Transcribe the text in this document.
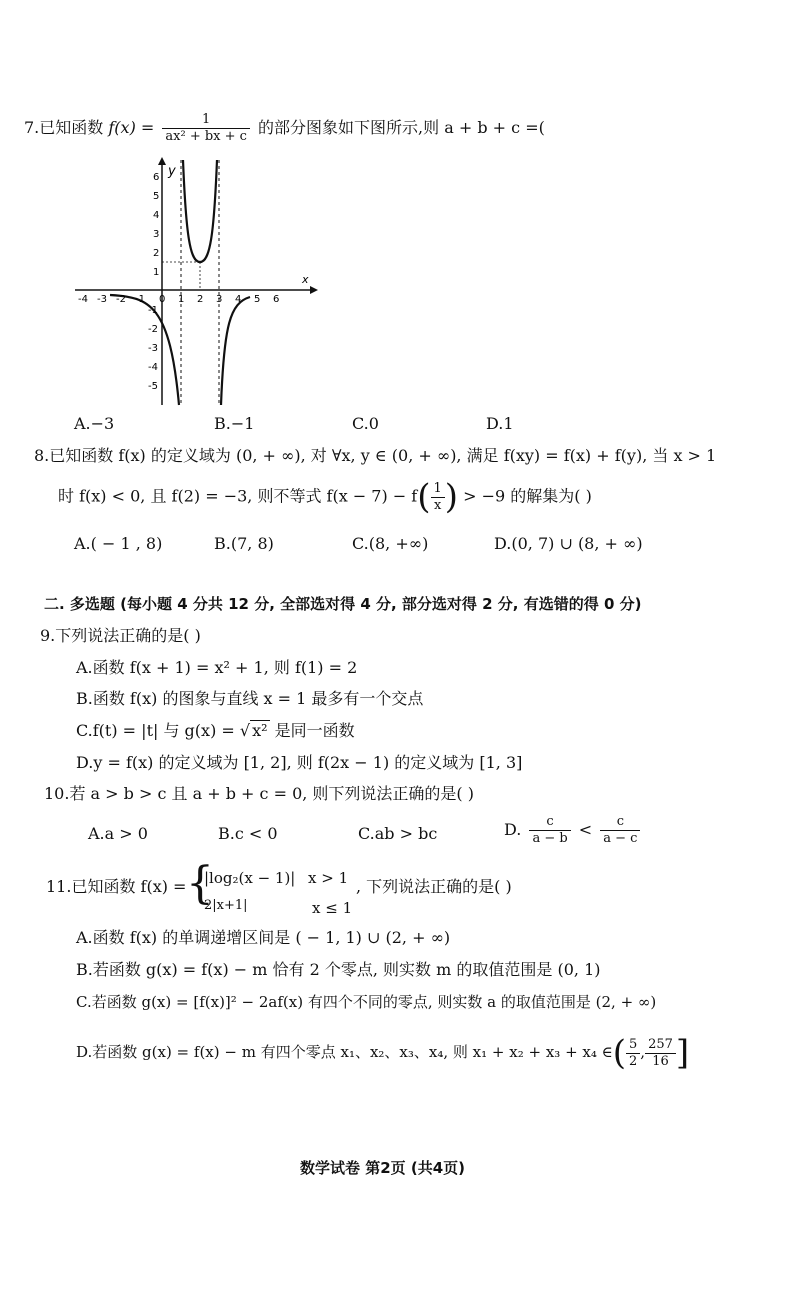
7.已知函数 $f(x) = \frac{1}{\text{ax² + bx + c}}$ 的部分图象如下图所示,则 a + b + c =(
-4 -3 -2 -1 0 1 2 3 4 5 6
1
2
3
4
5
6
-1
-2
-3
-4
-5
y
x
A.−3	B.−1	C.0	D.1
8.已知函数 f(x) 的定义域为 (0, + ∞), 对 ∀x, y ∈ (0, + ∞), 满足 f(xy) = f(x) + f(y), 当 x > 1
时 f(x) < 0, 且 f(2) = −3, 则不等式 $f(x - 7) - f( \frac{1}{x}$ ) > −9 的解集为( )
A.( − 1 , 8)	B.(7, 8)	C.(8, +∞)	D.(0, 7) ∪ (8, + ∞)
二. 多选题 (每小题 4 分共 12 分, 全部选对得 4 分, 部分选对得 2 分, 有选错的得 0 分)
9.下列说法正确的是( )
A.函数 f(x + 1) = x² + 1, 则 f(1) = 2
B.函数 f(x) 的图象与直线 x = 1 最多有一个交点
C.f(t) = |t| 与 g(x) = √ x² 是同一函数
D.y = f(x) 的定义域为 [1, 2], 则 f(2x − 1) 的定义域为 [1, 3]
10.若 a > b > c 且 a + b + c = 0, 则下列说法正确的是( )
A.a > 0	B.c < 0	C.ab > bc	D. $\frac{c}{a - b} < \frac{c}{a - c}$
11.已知函数 f(x) = {
|log₂(x − 1)| x > 1
2|x+1|	x ≤ 1
, 下列说法正确的是( )
A.函数 f(x) 的单调递增区间是 ( − 1, 1) ∪ (2, + ∞)
B.若函数 g(x) = f(x) − m 恰有 2 个零点, 则实数 m 的取值范围是 (0, 1)
C.若函数 g(x) = [f(x)]² − 2af(x) 有四个不同的零点, 则实数 a 的取值范围是 (2, + ∞)
D.若函数 g(x) = f(x) − m 有四个零点 x₁、x₂、x₃、x₄, 则 x₁ + x₂ + x₃ + x₄ ∈( $\frac{5}{2}$ , $\frac{257}{16}$ ]
数学试卷 第2页 (共4页)
